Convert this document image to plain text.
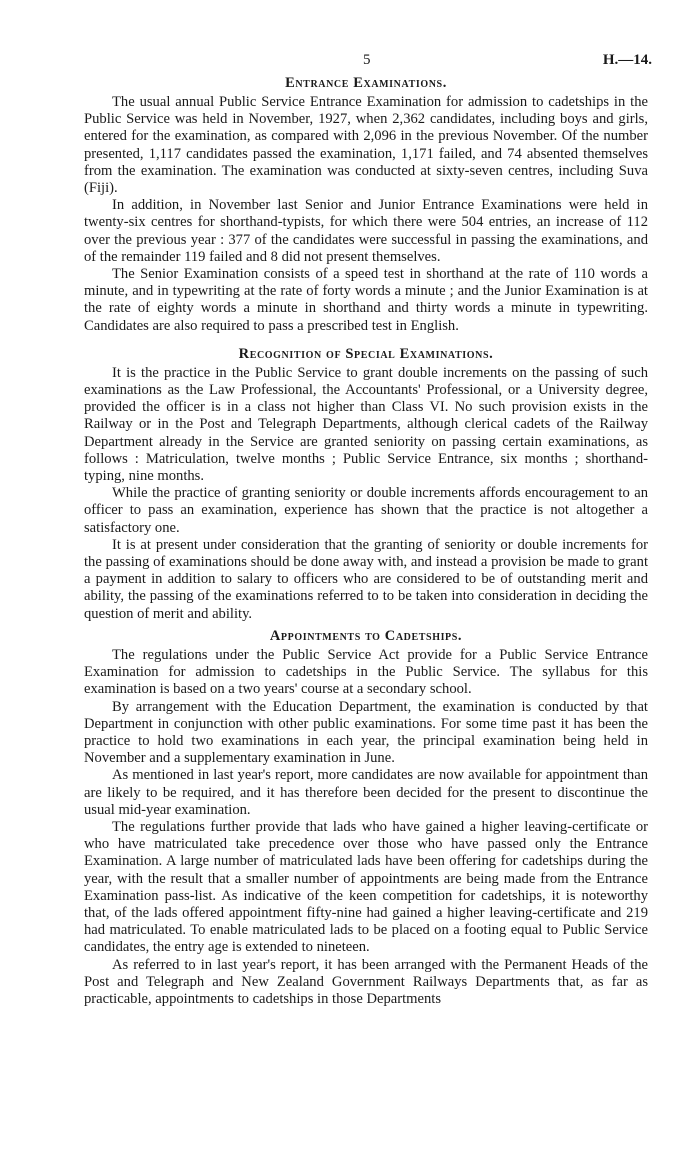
5	H.—14.
Entrance Examinations.

The usual annual Public Service Entrance Examination for admission to cadetships in the Public Service was held in November, 1927, when 2,362 candidates, including boys and girls, entered for the examination, as compared with 2,096 in the previous November. Of the number presented, 1,117 candidates passed the examination, 1,171 failed, and 74 absented themselves from the examination. The examination was conducted at sixty-seven centres, including Suva (Fiji).

In addition, in November last Senior and Junior Entrance Examinations were held in twenty-six centres for shorthand-typists, for which there were 504 entries, an increase of 112 over the previous year : 377 of the candidates were successful in passing the examinations, and of the remainder 119 failed and 8 did not present themselves.

The Senior Examination consists of a speed test in shorthand at the rate of 110 words a minute, and in typewriting at the rate of forty words a minute ; and the Junior Examination is at the rate of eighty words a minute in shorthand and thirty words a minute in typewriting. Candidates are also required to pass a prescribed test in English.

Recognition of Special Examinations.

It is the practice in the Public Service to grant double increments on the passing of such examinations as the Law Professional, the Accountants' Professional, or a University degree, provided the officer is in a class not higher than Class VI. No such provision exists in the Railway or in the Post and Telegraph Departments, although clerical cadets of the Railway Department already in the Service are granted seniority on passing certain examinations, as follows : Matriculation, twelve months ; Public Service Entrance, six months ; shorthand-typing, nine months.

While the practice of granting seniority or double increments affords encouragement to an officer to pass an examination, experience has shown that the practice is not altogether a satisfactory one.

It is at present under consideration that the granting of seniority or double increments for the passing of examinations should be done away with, and instead a provision be made to grant a payment in addition to salary to officers who are considered to be of outstanding merit and ability, the passing of the examinations referred to to be taken into consideration in deciding the question of merit and ability.

Appointments to Cadetships.

The regulations under the Public Service Act provide for a Public Service Entrance Examination for admission to cadetships in the Public Service. The syllabus for this examination is based on a two years' course at a secondary school.

By arrangement with the Education Department, the examination is conducted by that Department in conjunction with other public examinations. For some time past it has been the practice to hold two examinations in each year, the principal examination being held in November and a supplementary examination in June.

As mentioned in last year's report, more candidates are now available for appointment than are likely to be required, and it has therefore been decided for the present to discontinue the usual mid-year examination.

The regulations further provide that lads who have gained a higher leaving-certificate or who have matriculated take precedence over those who have passed only the Entrance Examination. A large number of matriculated lads have been offering for cadetships during the year, with the result that a smaller number of appointments are being made from the Entrance Examination pass-list. As indicative of the keen competition for cadetships, it is noteworthy that, of the lads offered appointment fifty-nine had gained a higher leaving-certificate and 219 had matriculated. To enable matriculated lads to be placed on a footing equal to Public Service candidates, the entry age is extended to nineteen.

As referred to in last year's report, it has been arranged with the Permanent Heads of the Post and Telegraph and New Zealand Government Railways Departments that, as far as practicable, appointments to cadetships in those Departments
